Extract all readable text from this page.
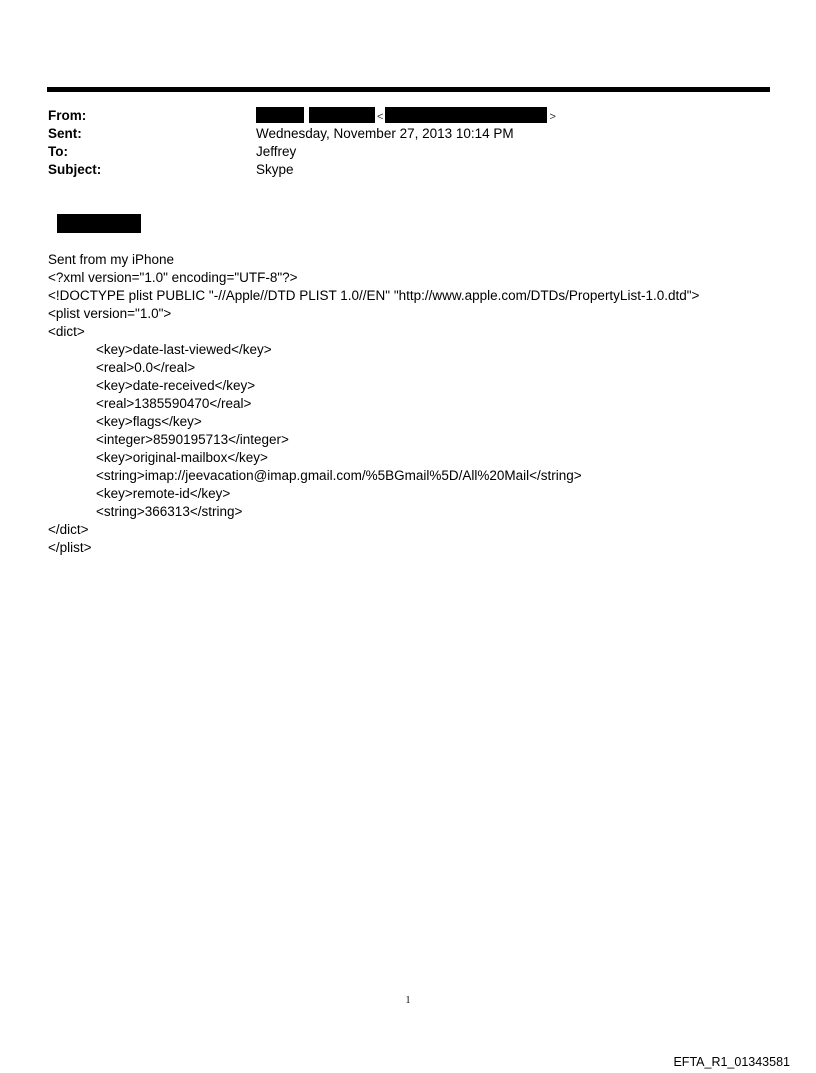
From:	<	>
Sent:	Wednesday, November 27, 2013 10:14 PM
To:	Jeffrey
Subject:	Skype
Sent from my iPhone
<?xml version="1.0" encoding="UTF-8"?>
<!DOCTYPE plist PUBLIC "-//Apple//DTD PLIST 1.0//EN" "http://www.apple.com/DTDs/PropertyList-1.0.dtd">
<plist version="1.0">
<dict>
<key>date-last-viewed</key>
<real>0.0</real>
<key>date-received</key>
<real>1385590470</real>
<key>flags</key>
<integer>8590195713</integer>
<key>original-mailbox</key>
<string>imap://jeevacation@imap.gmail.com/%5BGmail%5D/All%20Mail</string>
<key>remote-id</key>
<string>366313</string>
</dict>
</plist>
1
EFTA_R1_01343581
